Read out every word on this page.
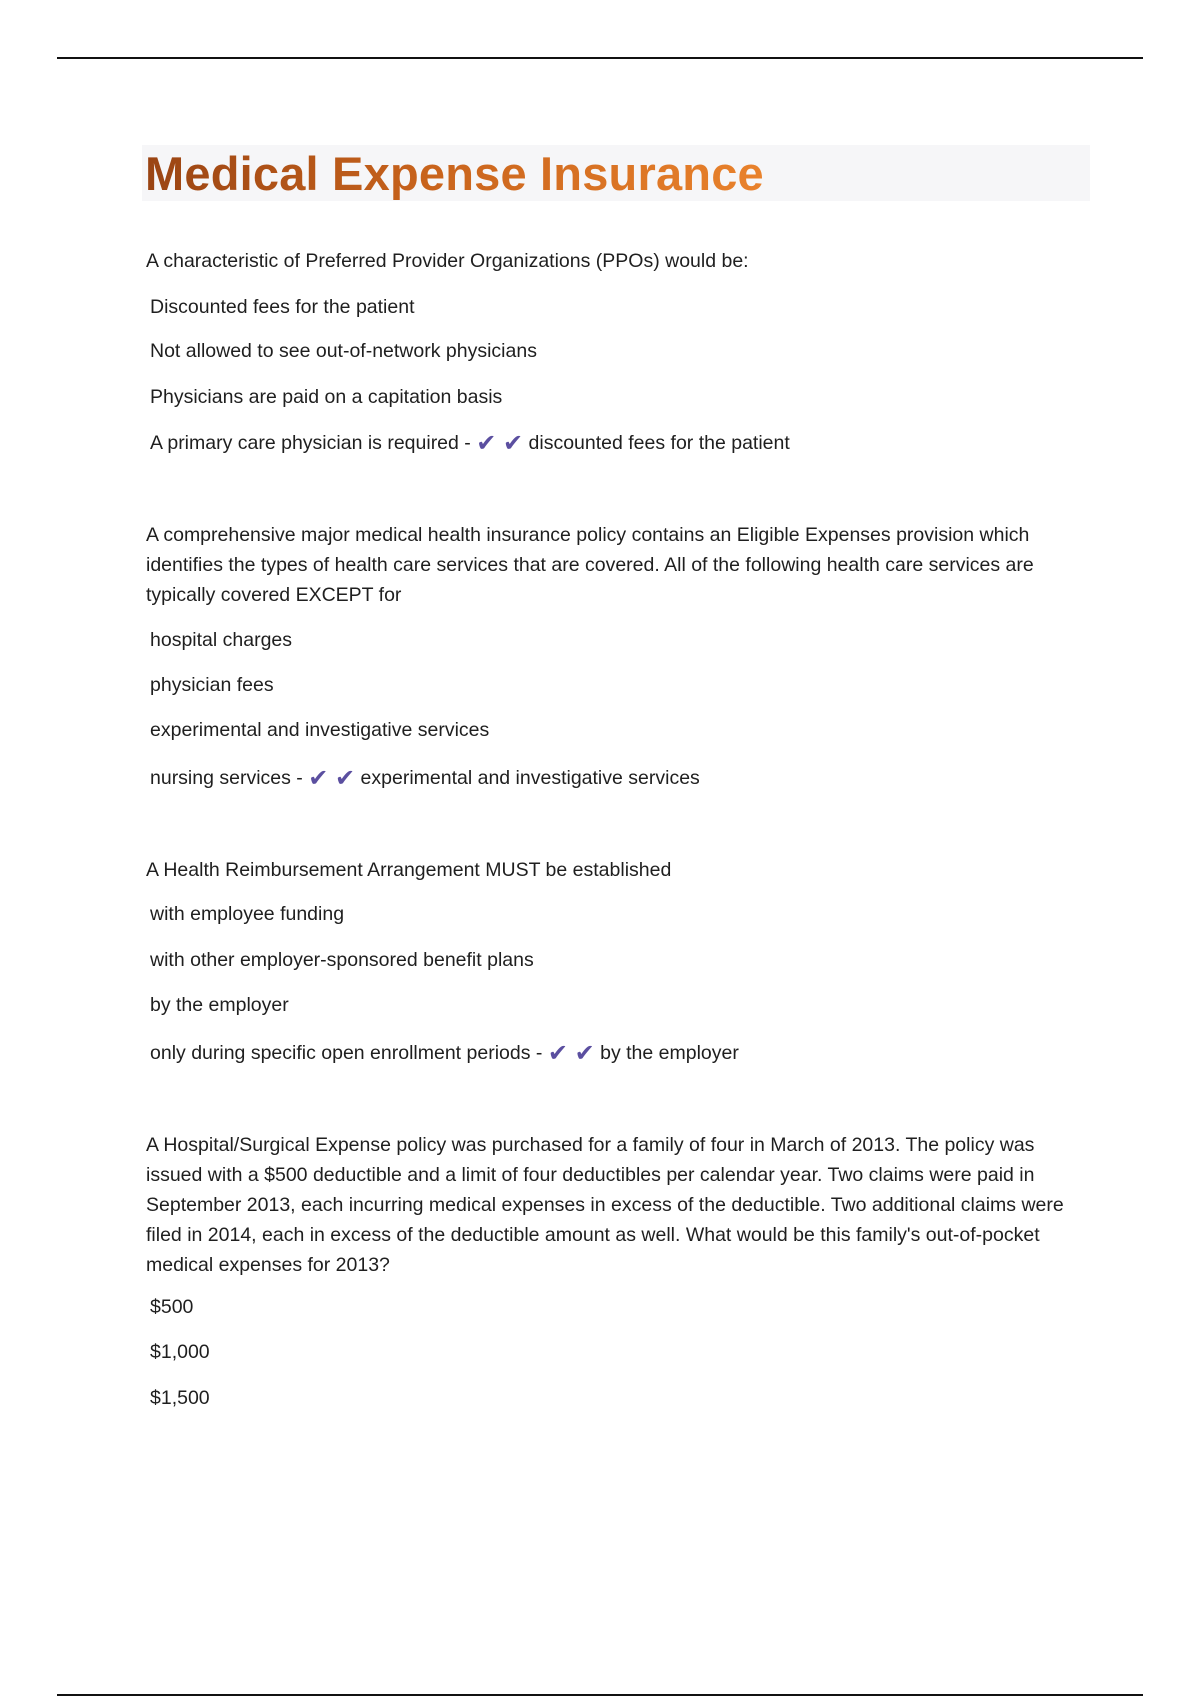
Medical Expense Insurance

A characteristic of Preferred Provider Organizations (PPOs) would be:

Discounted fees for the patient

Not allowed to see out-of-network physicians

Physicians are paid on a capitation basis

A primary care physician is required - ✔ ✔ discounted fees for the patient

A comprehensive major medical health insurance policy contains an Eligible Expenses provision which identifies the types of health care services that are covered. All of the following health care services are typically covered EXCEPT for

hospital charges

physician fees

experimental and investigative services

nursing services - ✔ ✔ experimental and investigative services

A Health Reimbursement Arrangement MUST be established

with employee funding

with other employer-sponsored benefit plans

by the employer

only during specific open enrollment periods - ✔ ✔ by the employer

A Hospital/Surgical Expense policy was purchased for a family of four in March of 2013. The policy was issued with a $500 deductible and a limit of four deductibles per calendar year. Two claims were paid in September 2013, each incurring medical expenses in excess of the deductible. Two additional claims were filed in 2014, each in excess of the deductible amount as well. What would be this family's out-of-pocket medical expenses for 2013?

$500

$1,000

$1,500
